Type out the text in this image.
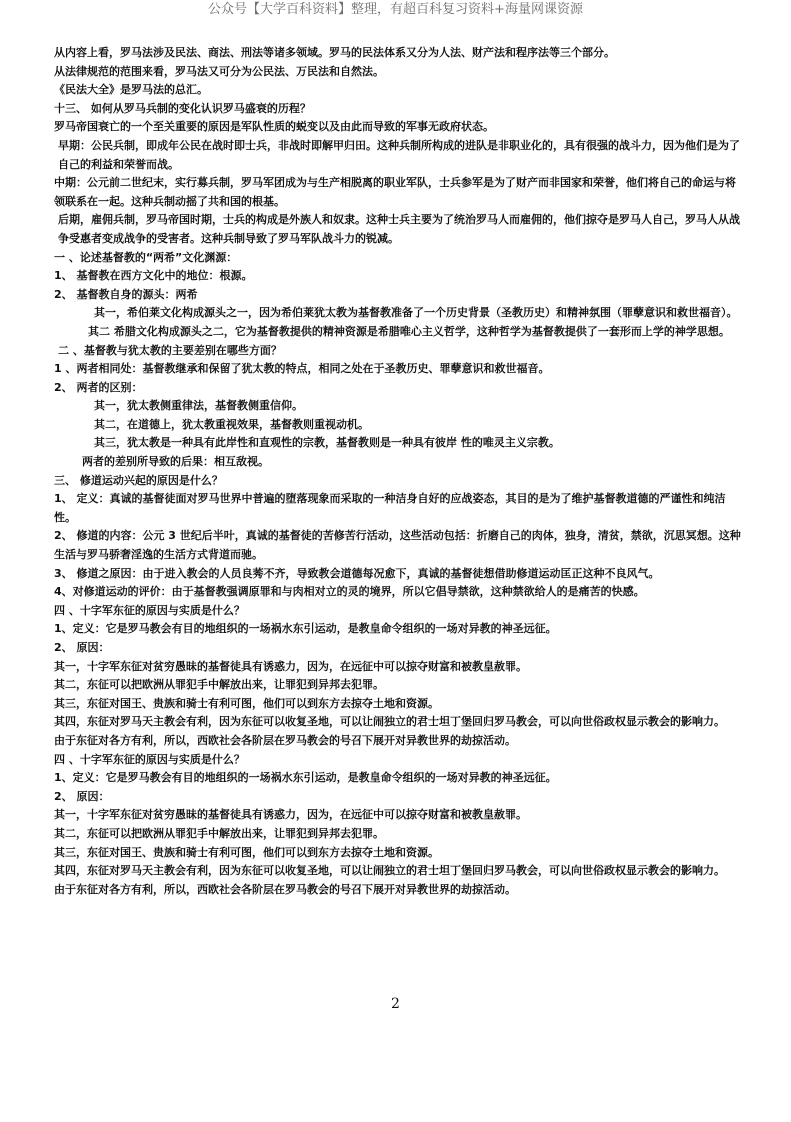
公众号【大学百科资料】整理，有超百科复习资料+海量网课资源
从内容上看，罗马法涉及民法、商法、刑法等诸多领域。罗马的民法体系又分为人法、财产法和程序法等三个部分。
从法律规范的范围来看，罗马法又可分为公民法、万民法和自然法。
《民法大全》是罗马法的总汇。
十三、 如何从罗马兵制的变化认识罗马盛衰的历程？
罗马帝国衰亡的一个至关重要的原因是军队性质的蜕变以及由此而导致的军事无政府状态。
早期：公民兵制，即成年公民在战时即士兵，非战时即解甲归田。这种兵制所构成的进队是非职业化的，具有很强的战斗力，因为他们是为了自己的利益和荣誉而战。
中期：公元前二世纪末，实行募兵制，罗马军团成为与生产相脱离的职业军队，士兵参军是为了财产而非国家和荣誉，他们将自己的命运与将领联系在一起。这种兵制动摇了共和国的根基。
后期，雇佣兵制，罗马帝国时期，士兵的构成是外族人和奴隶。这种士兵主要为了统治罗马人而雇佣的，他们掠夺是罗马人自己，罗马人从战争受惠者变成战争的受害者。这种兵制导致了罗马军队战斗力的锐减。
一 、论述基督教的“两希”文化渊源：
1、 基督教在西方文化中的地位：根源。
2、 基督教自身的源头：两希
其一，希伯莱文化构成源头之一，因为希伯莱犹太教为基督教准备了一个历史背景（圣教历史）和精神氛围（罪孽意识和救世福音）。
其二 希腊文化构成源头之二，它为基督教提供的精神资源是希腊唯心主义哲学，这种哲学为基督教提供了一套形而上学的神学思想。
二 、基督教与犹太教的主要差别在哪些方面？
1 、两者相同处：基督教继承和保留了犹太教的特点，相同之处在于圣教历史、罪孽意识和救世福音。
2、 两者的区别：
其一，犹太教侧重律法，基督教侧重信仰。
其二，在道德上，犹太教重视效果，基督教则重视动机。
其三，犹太教是一种具有此岸性和直观性的宗教，基督教则是一种具有彼岸 性的唯灵主义宗教。
两者的差别所导致的后果：相互敌视。
三、 修道运动兴起的原因是什么？
1、 定义：真诚的基督徒面对罗马世界中普遍的堕落现象而采取的一种洁身自好的应战姿态，其目的是为了维护基督教道德的严谨性和纯洁性。
2、 修道的内容：公元 3 世纪后半叶，真诚的基督徒的苦修苦行活动，这些活动包括：折磨自己的肉体，独身，清贫，禁欲，沉思冥想。这种生活与罗马骄奢淫逸的生活方式背道而驰。
3、 修道之原因：由于进入教会的人员良莠不齐，导致教会道德每况愈下，真诚的基督徒想借助修道运动匡正这种不良风气。
4、对修道运动的评价：由于基督教强调原罪和与肉相对立的灵的境界，所以它倡导禁欲，这种禁欲给人的是痛苦的快感。
四 、十字军东征的原因与实质是什么？
1、定义：它是罗马教会有目的地组织的一场祸水东引运动，是教皇命令组织的一场对异教的神圣远征。
2、 原因：
其一，十字军东征对贫穷愚昧的基督徒具有诱惑力，因为，在远征中可以掠夺财富和被教皇赦罪。
其二，东征可以把欧洲从罪犯手中解放出来，让罪犯到异邦去犯罪。
其三，东征对国王、贵族和骑士有利可图，他们可以到东方去掠夺土地和资源。
其四，东征对罗马天主教会有利，因为东征可以收复圣地，可以让闹独立的君士坦丁堡回归罗马教会，可以向世俗政权显示教会的影响力。
由于东征对各方有利，所以，西欧社会各阶层在罗马教会的号召下展开对异教世界的劫掠活动。
四 、十字军东征的原因与实质是什么？
1、定义：它是罗马教会有目的地组织的一场祸水东引运动，是教皇命令组织的一场对异教的神圣远征。
2、 原因：
其一，十字军东征对贫穷愚昧的基督徒具有诱惑力，因为，在远征中可以掠夺财富和被教皇赦罪。
其二，东征可以把欧洲从罪犯手中解放出来，让罪犯到异邦去犯罪。
其三，东征对国王、贵族和骑士有利可图，他们可以到东方去掠夺土地和资源。
其四，东征对罗马天主教会有利，因为东征可以收复圣地，可以让闹独立的君士坦丁堡回归罗马教会，可以向世俗政权显示教会的影响力。
由于东征对各方有利，所以，西欧社会各阶层在罗马教会的号召下展开对异教世界的劫掠活动。
2
